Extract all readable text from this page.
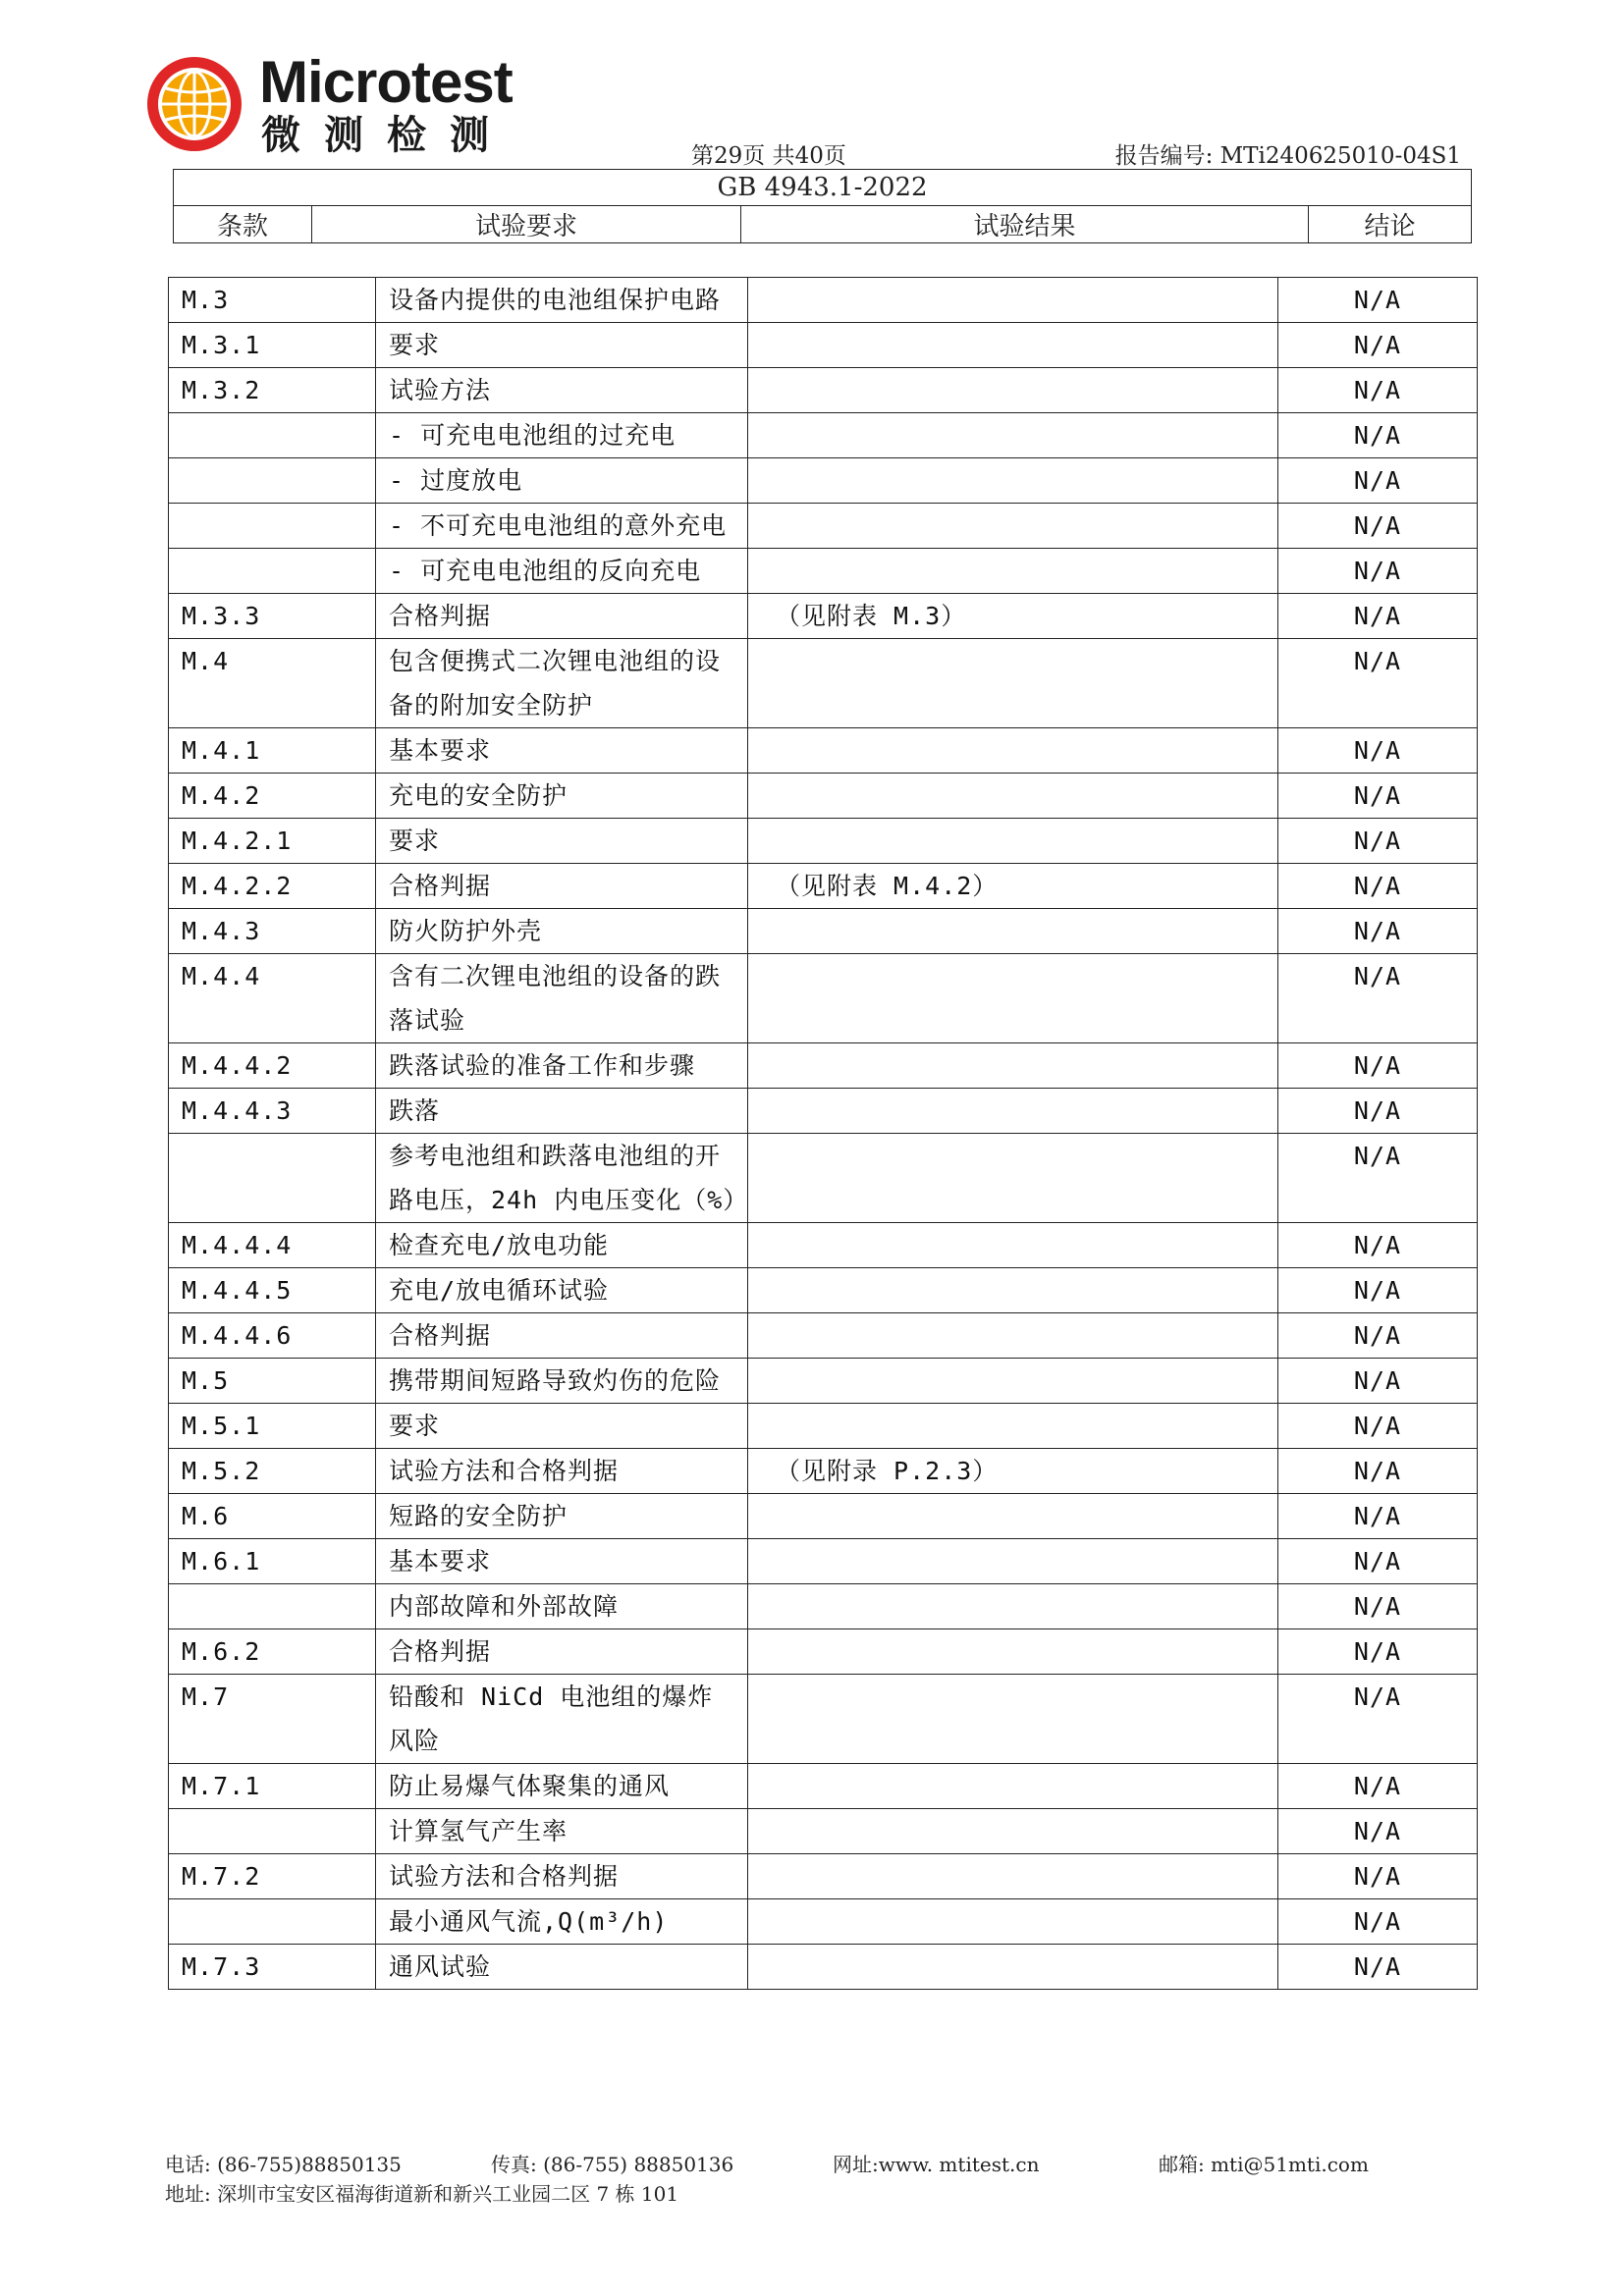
Microtest
微测检测	第29页 共40页	报告编号: MTi240625010-04S1
GB 4943.1-2022
条款	试验要求	试验结果	结论
M.3	设备内提供的电池组保护电路		N/A
M.3.1	要求		N/A
M.3.2	试验方法		N/A
	- 可充电电池组的过充电		N/A
	- 过度放电		N/A
	- 不可充电电池组的意外充电		N/A
	- 可充电电池组的反向充电		N/A
M.3.3	合格判据	（见附表 M.3）	N/A
M.4	包含便携式二次锂电池组的设备的附加安全防护		N/A
M.4.1	基本要求		N/A
M.4.2	充电的安全防护		N/A
M.4.2.1	要求		N/A
M.4.2.2	合格判据	（见附表 M.4.2）	N/A
M.4.3	防火防护外壳		N/A
M.4.4	含有二次锂电池组的设备的跌落试验		N/A
M.4.4.2	跌落试验的准备工作和步骤		N/A
M.4.4.3	跌落		N/A
	参考电池组和跌落电池组的开路电压，24h 内电压变化（%）		N/A
M.4.4.4	检查充电/放电功能		N/A
M.4.4.5	充电/放电循环试验		N/A
M.4.4.6	合格判据		N/A
M.5	携带期间短路导致灼伤的危险		N/A
M.5.1	要求		N/A
M.5.2	试验方法和合格判据	（见附录 P.2.3）	N/A
M.6	短路的安全防护		N/A
M.6.1	基本要求		N/A
	内部故障和外部故障		N/A
M.6.2	合格判据		N/A
M.7	铅酸和 NiCd 电池组的爆炸风险		N/A
M.7.1	防止易爆气体聚集的通风		N/A
	计算氢气产生率		N/A
M.7.2	试验方法和合格判据		N/A
	最小通风气流,Q(m³/h)		N/A
M.7.3	通风试验		N/A
电话: (86-755)88850135	传真: (86-755) 88850136	网址:www. mtitest.cn	邮箱: mti@51mti.com
地址: 深圳市宝安区福海街道新和新兴工业园二区 7 栋 101
